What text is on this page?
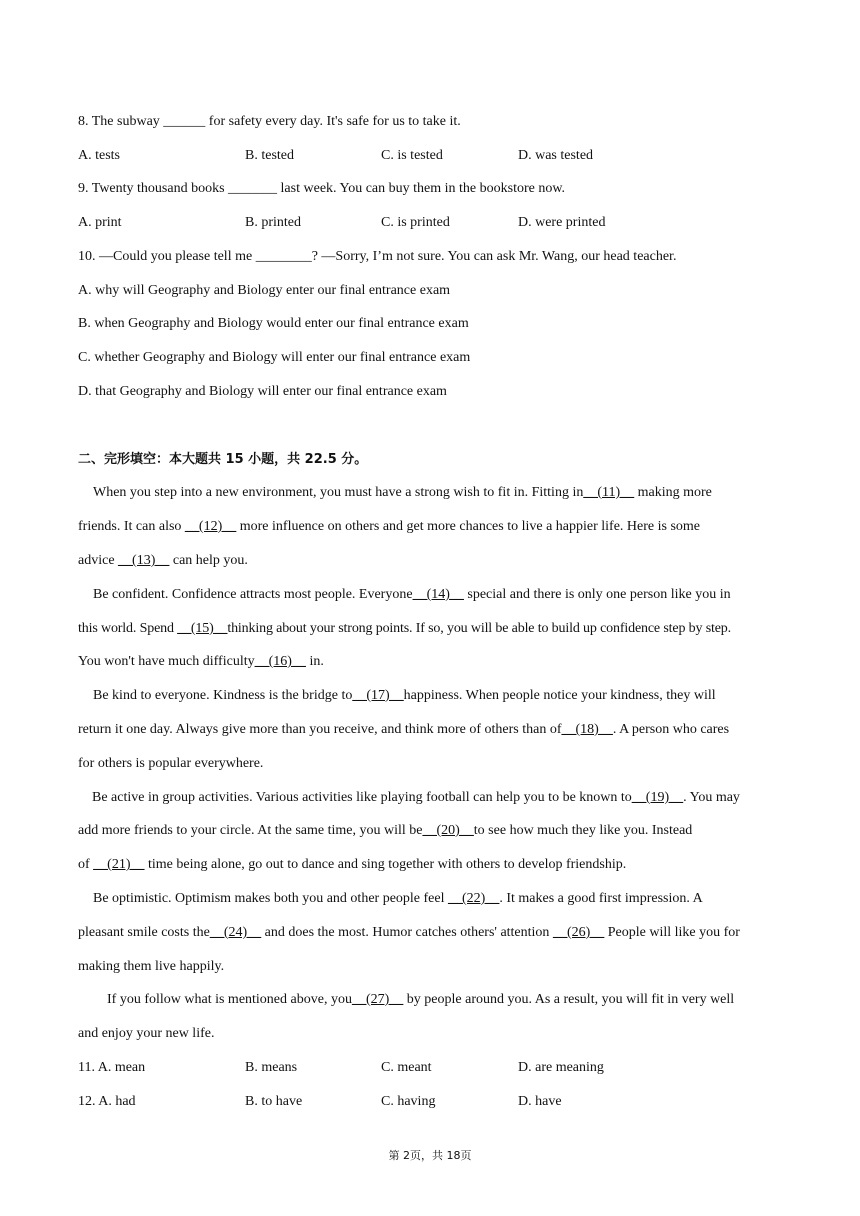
8. The subway ______ for safety every day. It's safe for us to take it.
A. tests	B. tested	C. is tested	D. was tested
9. Twenty thousand books _______ last week. You can buy them in the bookstore now.
A. print	B. printed	C. is printed	D. were printed
10. —Could you please tell me ________? —Sorry, I’m not sure. You can ask Mr. Wang, our head teacher.
A. why will Geography and Biology enter our final entrance exam
B. when Geography and Biology would enter our final entrance exam
C. whether Geography and Biology will enter our final entrance exam
D. that Geography and Biology will enter our final entrance exam
二、完形填空：本大题共 15 小题，共 22.5 分。
When you step into a new environment, you must have a strong wish to fit in. Fitting in__(11)__ making more
friends. It can also __(12)__ more influence on others and get more chances to live a happier life. Here is some
advice __(13)__ can help you.
Be confident. Confidence attracts most people. Everyone__(14)__ special and there is only one person like you in
this world. Spend __(15)__thinking about your strong points. If so, you will be able to build up confidence step by step.
You won't have much difficulty__(16)__ in.
Be kind to everyone. Kindness is the bridge to__(17)__happiness. When people notice your kindness, they will
return it one day. Always give more than you receive, and think more of others than of__(18)__. A person who cares
for others is popular everywhere.
Be active in group activities. Various activities like playing football can help you to be known to__(19)__. You may
add more friends to your circle. At the same time, you will be__(20)__to see how much they like you. Instead
of __(21)__ time being alone, go out to dance and sing together with others to develop friendship.
Be optimistic. Optimism makes both you and other people feel __(22)__. It makes a good first impression. A
pleasant smile costs the__(24)__ and does the most. Humor catches others' attention __(26)__ People will like you for
making them live happily.
If you follow what is mentioned above, you__(27)__ by people around you. As a result, you will fit in very well
and enjoy your new life.
11. A. mean	B. means	C. meant	D. are meaning
12. A. had	B. to have	C. having	D. have
第 2页，共 18页
